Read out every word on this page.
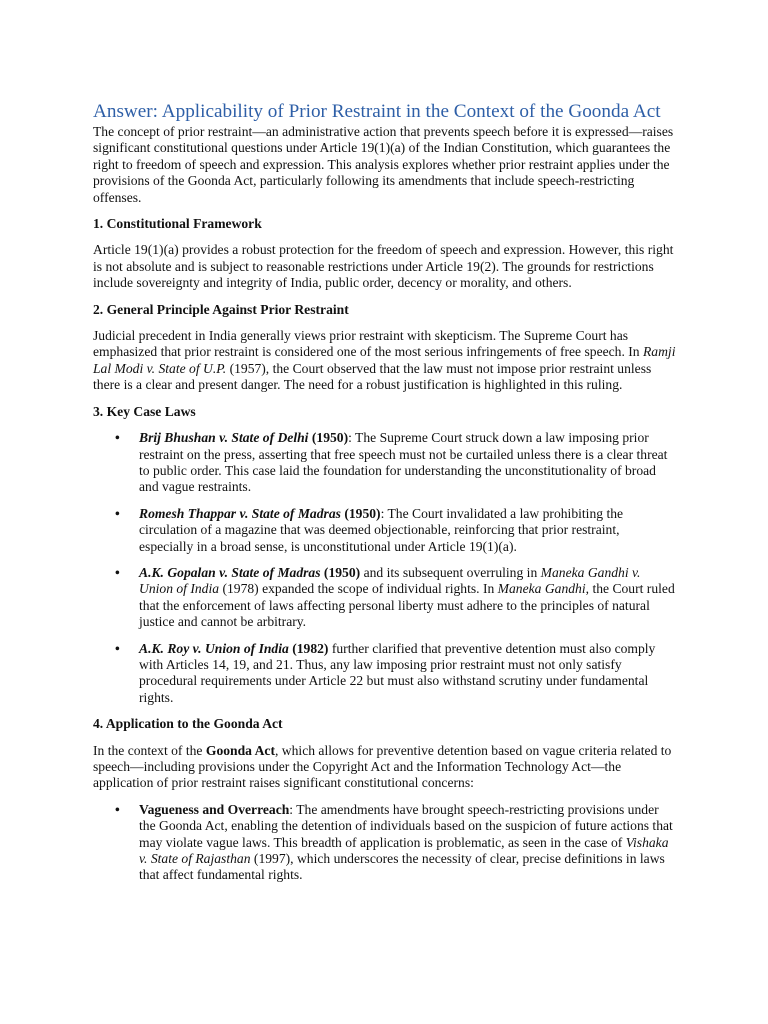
Answer: Applicability of Prior Restraint in the Context of the Goonda Act

The concept of prior restraint—an administrative action that prevents speech before it is expressed—raises significant constitutional questions under Article 19(1)(a) of the Indian Constitution, which guarantees the right to freedom of speech and expression. This analysis explores whether prior restraint applies under the provisions of the Goonda Act, particularly following its amendments that include speech-restricting offenses.

1. Constitutional Framework

Article 19(1)(a) provides a robust protection for the freedom of speech and expression. However, this right is not absolute and is subject to reasonable restrictions under Article 19(2). The grounds for restrictions include sovereignty and integrity of India, public order, decency or morality, and others.

2. General Principle Against Prior Restraint

Judicial precedent in India generally views prior restraint with skepticism. The Supreme Court has emphasized that prior restraint is considered one of the most serious infringements of free speech. In Ramji Lal Modi v. State of U.P. (1957), the Court observed that the law must not impose prior restraint unless there is a clear and present danger. The need for a robust justification is highlighted in this ruling.

3. Key Case Laws
• Brij Bhushan v. State of Delhi (1950): The Supreme Court struck down a law imposing prior restraint on the press, asserting that free speech must not be curtailed unless there is a clear threat to public order. This case laid the foundation for understanding the unconstitutionality of broad and vague restraints.
• Romesh Thappar v. State of Madras (1950): The Court invalidated a law prohibiting the circulation of a magazine that was deemed objectionable, reinforcing that prior restraint, especially in a broad sense, is unconstitutional under Article 19(1)(a).
• A.K. Gopalan v. State of Madras (1950) and its subsequent overruling in Maneka Gandhi v. Union of India (1978) expanded the scope of individual rights. In Maneka Gandhi, the Court ruled that the enforcement of laws affecting personal liberty must adhere to the principles of natural justice and cannot be arbitrary.
• A.K. Roy v. Union of India (1982) further clarified that preventive detention must also comply with Articles 14, 19, and 21. Thus, any law imposing prior restraint must not only satisfy procedural requirements under Article 22 but must also withstand scrutiny under fundamental rights.
4. Application to the Goonda Act

In the context of the Goonda Act, which allows for preventive detention based on vague criteria related to speech—including provisions under the Copyright Act and the Information Technology Act—the application of prior restraint raises significant constitutional concerns:

• Vagueness and Overreach: The amendments have brought speech-restricting provisions under the Goonda Act, enabling the detention of individuals based on the suspicion of future actions that may violate vague laws. This breadth of application is problematic, as seen in the case of Vishaka v. State of Rajasthan (1997), which underscores the necessity of clear, precise definitions in laws that affect fundamental rights.
